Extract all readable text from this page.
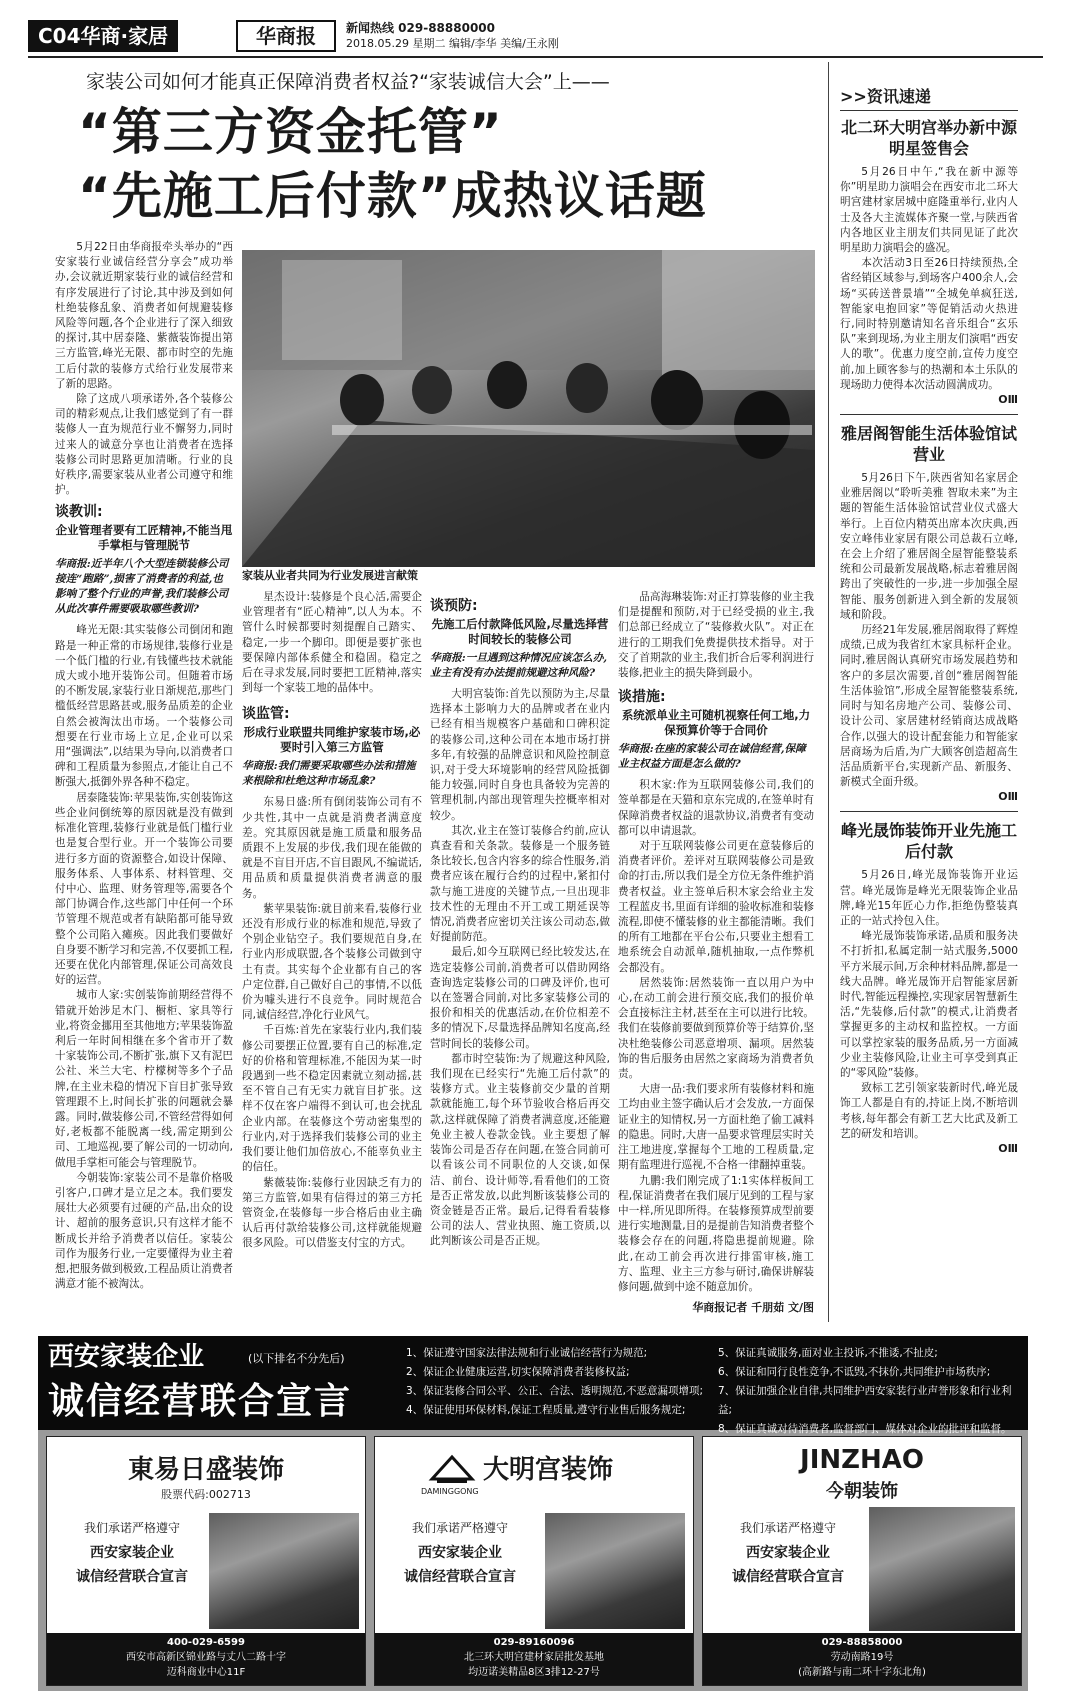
C04华商·家居	华商报	新闻热线 029-88880000
2018.05.29 星期二 编辑/李华 美编/王永刚
家装公司如何才能真正保障消费者权益?“家装诚信大会”上——
“第三方资金托管”
“先施工后付款”成热议话题

5月22日由华商报牵头举办的“西安家装行业诚信经营分享会”成功举办,会议就近期家装行业的诚信经营和有序发展进行了讨论,其中涉及到如何杜绝装修乱象、消费者如何规避装修风险等问题,各个企业进行了深入细致的探讨,其中居泰隆、紫薇装饰提出第三方监管,峰光无限、都市时空的先施工后付款的装修方式给行业发展带来了新的思路。

除了这成八项承诺外,各个装修公司的精彩观点,让我们感觉到了有一群装修人一直为规范行业不懈努力,同时过来人的诚意分享也让消费者在选择装修公司时思路更加清晰。行业的良好秩序,需要家装从业者公司遵守和维护。

谈教训:
企业管理者要有工匠精神,不能当甩手掌柜与管理脱节
华商报:近半年八个大型连锁装修公司接连“跑路”,损害了消费者的利益,也影响了整个行业的声誉,我们装修公司从此次事件需要吸取哪些教训?

峰光无限:其实装修公司倒闭和跑路是一种正常的市场规律,装修行业是一个低门槛的行业,有钱懂些技术就能成大或小地开装饰公司。但随着市场的不断发展,家装行业日渐规范,那些门槛低经营思路甚或,服务品质差的企业自然会被淘汰出市场。一个装修公司想要在行业市场上立足,企业可以采用“强调法”,以结果为导向,以消费者口碑和工程质量为参照点,才能让自己不断强大,抵御外界各种不稳定。

居泰隆装饰:苹果装饰,实创装饰这些企业问倒统筹的原因就是没有做到标准化管理,装修行业就是低门槛行业也是复合型行业。开一个装饰公司要进行多方面的资源整合,如设计保障、服务体系、人事体系、材料管理、交付中心、监理、财务管理等,需要各个部门协调合作,这些部门中任何一个环节管理不规范或者有缺陷都可能导致整个公司陷入瘫痪。因此我们要做好自身要不断学习和完善,不仅要抓工程,还要在优化内部管理,保证公司高效良好的运营。

城市人家:实创装饰前期经营得不错就开始涉足木门、橱柜、家具等行业,将资金挪用至其他地方;苹果装饰盈利后一年时间相继在多个省市开了数十家装饰公司,不断扩张,旗下又有泥巴公社、米兰大宅、柠檬树等多个子品牌,在主业未稳的情况下盲目扩张导致管理跟不上,时间长扩张的问题就会暴露。同时,做装修公司,不管经营得如何好,老板都不能脱离一线,需定期到公司、工地巡视,要了解公司的一切动向,做甩手掌柜可能会与管理脱节。

今朝装饰:家装公司不是靠价格吸引客户,口碑才是立足之本。我们要发展壮大必须要有过硬的产品,出众的设计、超前的服务意识,只有这样才能不断成长并给予消费者以信任。家装公司作为服务行业,一定要懂得为业主着想,把服务做到极致,工程品质让消费者满意才能不被淘汰。

家装从业者共同为行业发展进言献策

星杰设计:装修是个良心活,需要企业管理者有“匠心精神”,以人为本。不管什么时候都要时刻提醒自己踏实、稳定,一步一个脚印。即便是要扩张也要保障内部体系健全和稳固。稳定之后在寻求发展,同时要把工匠精神,落实到每一个家装工地的晶体中。

谈监管:
形成行业联盟共同维护家装市场,必要时引入第三方监管
华商报:我们需要采取哪些办法和措施来根除和杜绝这种市场乱象?

东易日盛:所有倒闭装饰公司有不少共性,其中一点就是消费者满意度差。究其原因就是施工质量和服务品质跟不上发展的步伐,我们现在能做的就是不盲目开店,不盲目跟风,不编谎话,用品质和质量提供消费者满意的服务。

紫苹果装饰:就目前来看,装修行业还没有形成行业的标准和规范,导致了个别企业钻空子。我们要规范自身,在行业内形成联盟,各个装修公司做到守土有责。其实每个企业都有自己的客户定位群,自己做好自己的事情,不以低价为噱头进行不良竞争。同时规范合同,诚信经营,净化行业风气。

千百炼:首先在家装行业内,我们装修公司要摆正位置,要有自己的标准,定好的价格和管理标准,不能因为某一时段遇到一些不稳定因素就立刻动摇,甚至不管自己有无实力就盲目扩张。这样不仅在客户端得不到认可,也会扰乱企业内部。在装修这个劳动密集型的行业内,对于选择我们装修公司的业主我们要让他们加倍放心,不能辜负业主的信任。

紫薇装饰:装修行业因缺乏有力的第三方监管,如果有信得过的第三方托管资金,在装修每一步合格后由业主确认后再付款给装修公司,这样就能规避很多风险。可以借鉴支付宝的方式。

谈预防:
先施工后付款降低风险,尽量选择营时间较长的装修公司
华商报:一旦遇到这种情况应该怎么办,业主有没有办法提前规避这种风险?

大明宫装饰:首先以预防为主,尽量选择本土影响力大的品牌或者在业内已经有相当规模客户基础和口碑积淀的装修公司,这种公司在本地市场打拼多年,有较强的品牌意识和风险控制意识,对于受大环境影响的经营风险抵御能力较强,同时自身也具备较为完善的管理机制,内部出现管理失控概率相对较少。

其次,业主在签订装修合约前,应认真查看和关条款。装修是一个服务链条比较长,包含内容多的综合性服务,消费者应该在履行合约的过程中,紧扣付款与施工进度的关键节点,一旦出现非技术性的无理由不开工或工期延误等情况,消费者应密切关注该公司动态,做好提前防范。

最后,如今互联网已经比较发达,在选定装修公司前,消费者可以借助网络查询选定装修公司的口碑及评价,也可以在签署合同前,对比多家装修公司的报价和相关的优惠活动,在价位相差不多的情况下,尽量选择品牌知名度高,经营时间长的装修公司。

都市时空装饰:为了规避这种风险,我们现在已经实行“先施工后付款”的装修方式。业主装修前交少量的首期款就能施工,每个环节验收合格后再交款,这样就保障了消费者满意度,还能避免业主被人卷款金钱。业主要想了解装饰公司是否存在问题,在签合同前可以看该公司不同职位的人交谈,如保洁、前台、设计师等,看看他们的工资是否正常发放,以此判断该装修公司的资金链是否正常。最后,记得看看装修公司的法人、营业执照、施工资质,以此判断该公司是否正规。

品高海琳装饰:对正打算装修的业主我们是提醒和预防,对于已经受损的业主,我们总部已经成立了“装修救火队”。对正在进行的工期我们免费提供技术指导。对于交了首期款的业主,我们折合后零利润进行装修,把业主的损失降到最小。

谈措施:
系统派单业主可随机视察任何工地,力保预算价等于合同价
华商报:在座的家装公司在诚信经营,保障业主权益方面是怎么做的?

积木家:作为互联网装修公司,我们的签单都是在天猫和京东完成的,在签单时有保障消费者权益的退款协议,消费者有变动都可以申请退款。

对于互联网装修公司更在意装修后的消费者评价。差评对互联网装修公司是致命的打击,所以我们是全方位无条件维护消费者权益。业主签单后积木家会给业主发工程蓝皮书,里面有详细的验收标准和装修流程,即使不懂装修的业主都能清晰。我们的所有工地都在平台公布,只要业主想看工地系统会自动派单,随机抽取,一点作弊机会都没有。

居然装饰:居然装饰一直以用户为中心,在动工前会进行预交底,我们的报价单会直接标注主材,甚至在主可以进行比较。我们在装修前要做到预算价等于结算价,坚决杜绝装修公司恶意增项、漏项。居然装饰的售后服务由居然之家商场为消费者负责。

大唐一品:我们要求所有装修材料和施工均由业主签字确认后才会发放,一方面保证业主的知情权,另一方面杜绝了偷工减料的隐患。同时,大唐一品要求管理层实时关注工地进度,掌握每个工地的工程质量,定期有监理进行巡视,不合格一律翻掉重装。

九鹏:我们刚完成了1:1实体样板间工程,保证消费者在我们展厅见到的工程与家中一样,所见即所得。在装修预算成型前要进行实地测量,目的是提前告知消费者整个装修会存在的问题,将隐患提前规避。除此,在动工前会再次进行排雷审核,施工方、监理、业主三方参与研讨,确保讲解装修问题,做到中途不随意加价。

华商报记者 千朋茹 文/图
>>资讯速递
北二环大明宫举办新中源明星签售会

5月26日中午,“我在新中源等你”明星助力演唱会在西安市北二环大明宫建材家居城中庭隆重举行,业内人士及各大主流媒体齐聚一堂,与陕西省内各地区业主朋友们共同见证了此次明星助力演唱会的盛况。

本次活动3日至26日持续预热,全省经销区域参与,到场客户400余人,会场“买砖送普景墙”“全城免单疯狂送,智能家电抱回家”等促销活动火热进行,同时特别邀请知名音乐组合“玄乐队”来到现场,为业主朋友们演唱“西安人的歌”。优惠力度空前,宣传力度空前,加上顾客参与的热潮和本土乐队的现场助力使得本次活动圆满成功。

ΟⅢ
雅居阁智能生活体验馆试营业

5月26日下午,陕西省知名家居企业雅居阁以“聆听美雅 智取未来”为主题的智能生活体验馆试营业仪式盛大举行。上百位内精英出席本次庆典,西安立峰伟业家居有限公司总裁石立峰,在会上介绍了雅居阁全屋智能整装系统和公司最新发展战略,标志着雅居阁跨出了突破性的一步,进一步加强全屋智能、服务创新进入到全新的发展领域和阶段。

历经21年发展,雅居阁取得了辉煌成绩,已成为我省红木家具标杆企业。同时,雅居阁认真研究市场发展趋势和客户的多层次需要,首创“雅居阁智能生活体验馆”,形成全屋智能整装系统,同时与知名房地产公司、装修公司、设计公司、家居建材经销商达成战略合作,以强大的设计配套能力和智能家居商场为后盾,为广大顾客创造超高生活品质新平台,实现新产品、新服务、新模式全面升级。

ΟⅢ
峰光晟饰装饰开业先施工后付款

5月26日,峰光晟饰装饰开业运营。峰光晟饰是峰光无限装饰企业品牌,峰光15年匠心力作,拒绝伪整装真正的一站式拎包入住。

峰光晟饰装饰承诺,品质和服务决不打折扣,私属定制一站式服务,5000平方米展示间,万余种材料品牌,都是一线大品牌。峰光晟饰开启智能家居新时代,智能远程操控,实现家居智慧新生活,“先装修,后付款”的模式,让消费者掌握更多的主动权和监控权。一方面可以掌控家装的服务品质,另一方面减少业主装修风险,让业主可享受到真正的“零风险”装修。

致标工艺引领家装新时代,峰光晟饰工人都是自有的,持证上岗,不断培训考核,每年都会有新工艺大比武及新工艺的研发和培训。

ΟⅢ
西安家装企业	(以下排名不分先后)
诚信经营联合宣言
1、保证遵守国家法律法规和行业诚信经营行为规范;
2、保证企业健康运营,切实保障消费者装修权益;
3、保证装修合同公平、公正、合法、透明规范,不恶意漏项增项;
4、保证使用环保材料,保证工程质量,遵守行业售后服务规定;
5、保证真诚服务,面对业主投诉,不推诿,不扯皮;
6、保证和同行良性竞争,不诋毁,不抹价,共同维护市场秩序;
7、保证加强企业自律,共同维护西安家装行业声誉形象和行业利益;
8、保证真诚对待消费者,监督部门、媒体对企业的批评和监督。
東易日盛装饰
股票代码:002713
我们承诺严格遵守
西安家装企业
诚信经营联合宣言
400-029-6599
西安市高新区锦业路与丈八二路十字
迈科商业中心11F
大明宫装饰
DAMINGGONG
我们承诺严格遵守
西安家装企业
诚信经营联合宣言
029-89160096
北三环大明宫建材家居批发基地
均迈诺美精品8区3排12-27号
JINZHAO
今朝装饰
我们承诺严格遵守
西安家装企业
诚信经营联合宣言
029-88858000
劳动南路19号
(高新路与南二环十字东北角)
